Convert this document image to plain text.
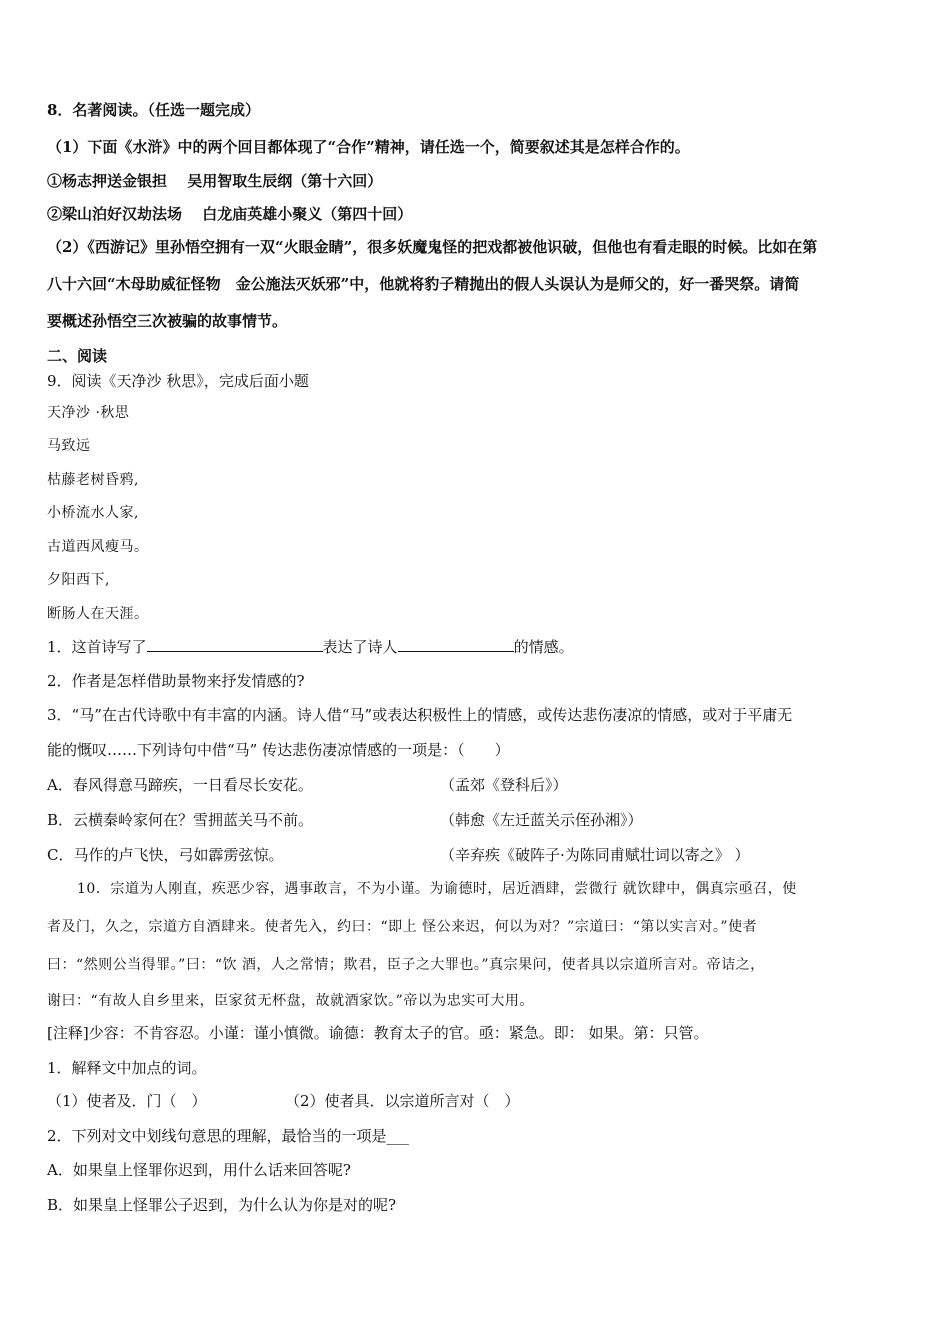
8．名著阅读。（任选一题完成）
（1）下面《水浒》中的两个回目都体现了“合作”精神，请任选一个，简要叙述其是怎样合作的。
①杨志押送金银担　 吴用智取生辰纲（第十六回）
②梁山泊好汉劫法场　 白龙庙英雄小聚义（第四十回）
（2）《西游记》里孙悟空拥有一双“火眼金睛”，很多妖魔鬼怪的把戏都被他识破，但他也有看走眼的时候。比如在第
八十六回“木母助威征怪物　金公施法灭妖邪”中，他就将豹子精抛出的假人头误认为是师父的，好一番哭祭。请简
要概述孙悟空三次被骗的故事情节。
二、阅读
9．阅读《天净沙 秋思》，完成后面小题
天净沙 ·秋思
马致远
枯藤老树昏鸦,
小桥流水人家,
古道西风瘦马。
夕阳西下,
断肠人在天涯。
1．这首诗写了	表达了诗人	的情感。
2．作者是怎样借助景物来抒发情感的?
3．“马”在古代诗歌中有丰富的内涵。诗人借“马”或表达积极性上的情感，或传达悲伤凄凉的情感，或对于平庸无
能的慨叹……下列诗句中借“马” 传达悲伤凄凉情感的一项是：（　　）
A．春风得意马蹄疾，一日看尽长安花。	（孟郊《登科后》）
B．云横秦岭家何在？雪拥蓝关马不前。	（韩愈《左迁蓝关示侄孙湘》）
C．马作的卢飞快，弓如霹雳弦惊。	（辛弃疾《破阵子·为陈同甫赋壮词以寄之》 ）
10．宗道为人刚直，疾恶少容，遇事敢言，不为小谨。为谕德时，居近酒肆，尝微行 就饮肆中，偶真宗亟召，使
者及门，久之，宗道方自酒肆来。使者先入，约曰：“即上 怪公来迟，何以为对？”宗道曰：“第以实言对。”使者
曰：“然则公当得罪。”曰：“饮 酒，人之常情；欺君，臣子之大罪也。”真宗果问，使者具以宗道所言对。帝诘之，
谢曰：“有故人自乡里来，臣家贫无杯盘，故就酒家饮。”帝以为忠实可大用。
[注释]少容：不肯容忍。小谨：谨小慎微。谕德：教育太子的官。亟：紧急。即： 如果。第：只管。
1．解释文中加点的词。
（1）使者及．门（　）	（2）使者具．以宗道所言对（　）
2．下列对文中划线句意思的理解，最恰当的一项是___
A．如果皇上怪罪你迟到，用什么话来回答呢?
B．如果皇上怪罪公子迟到，为什么认为你是对的呢?
